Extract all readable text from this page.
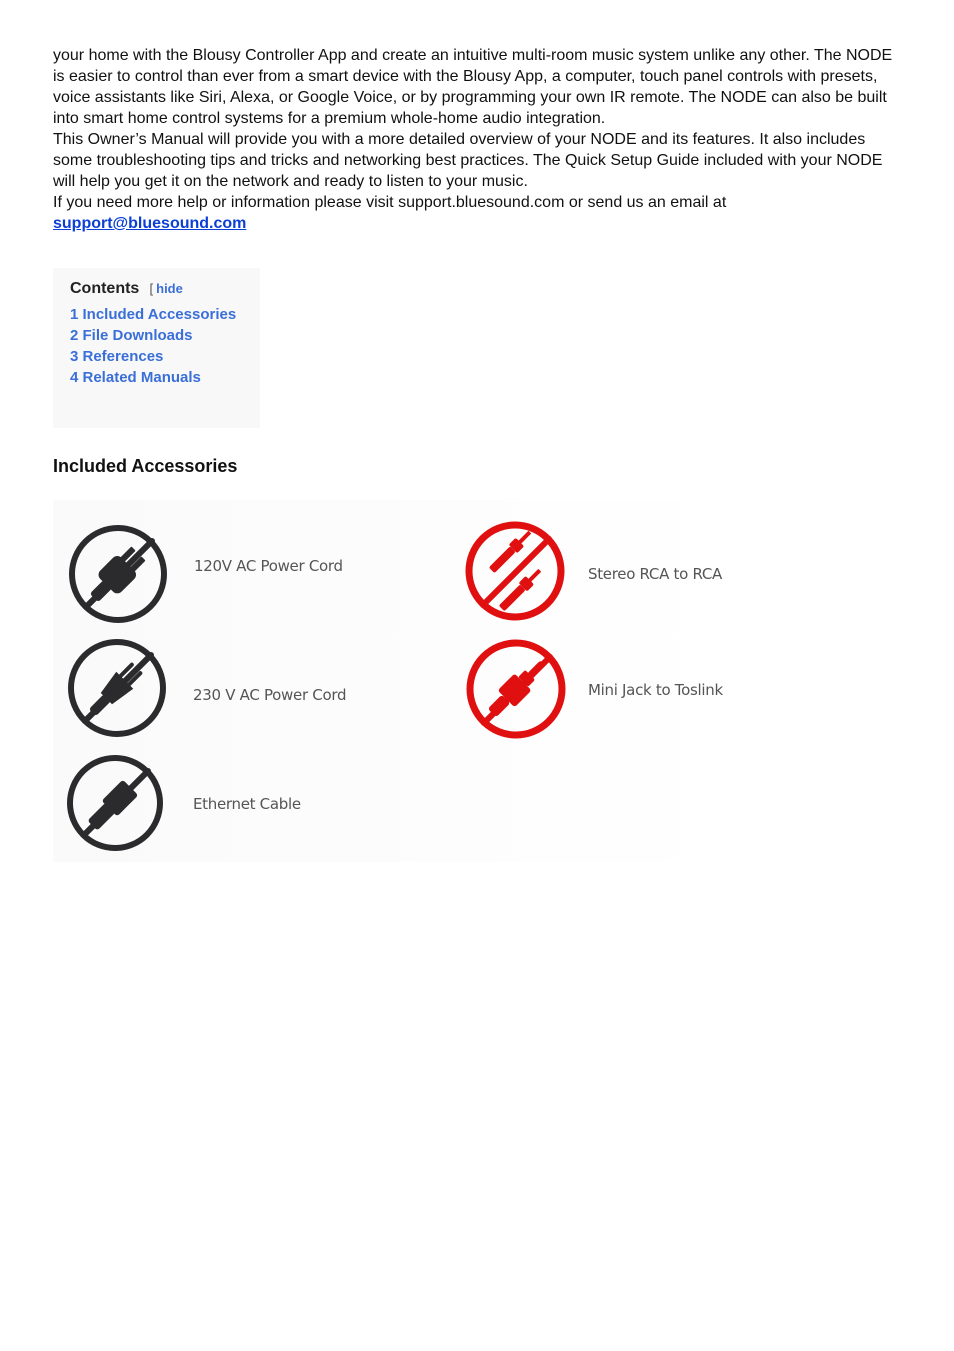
your home with the Blousy Controller App and create an intuitive multi-room music system unlike any other. The NODE is easier to control than ever from a smart device with the Blousy App, a computer, touch panel controls with presets, voice assistants like Siri, Alexa, or Google Voice, or by programming your own IR remote. The NODE can also be built into smart home control systems for a premium whole-home audio integration.

This Owner’s Manual will provide you with a more detailed overview of your NODE and its features. It also includes some troubleshooting tips and tricks and networking best practices. The Quick Setup Guide included with your NODE will help you get it on the network and ready to listen to your music.

If you need more help or information please visit support.bluesound.com or send us an email at

support@bluesound.com

Contents [ hide
1 Included Accessories
2 File Downloads
3 References
4 Related Manuals
Included Accessories
120V AC Power Cord
230 V AC Power Cord
Ethernet Cable
Stereo RCA to RCA
Mini Jack to Toslink
